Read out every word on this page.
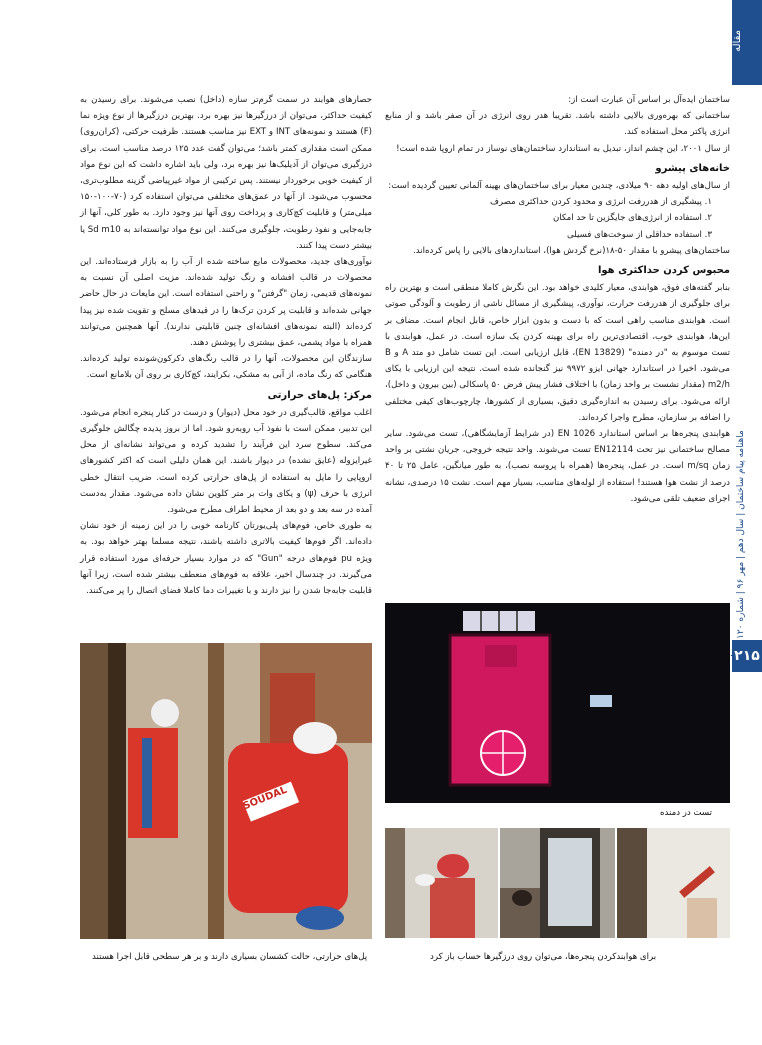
مقاله
ماهنامه پیام ساختمان | سال دهم | مهر ۹۶ | شماره ۱۲۰
۲۱۵

ساختمان ایده‌آل بر اساس آن عبارت است از:

ساختمانی که بهره‌وری بالایی داشته باشد. تقریبا هدر روی انرژی در آن صفر باشد و از منابع انرژی پاکتر محل استفاده کند.

از سال ۲۰۰۱، این چشم انداز، تبدیل به استاندارد ساختمان‌های نوساز در تمام اروپا شده است!

خانه‌های پیشرو

از سال‌های اولیه دهه ۹۰ میلادی، چندین معیار برای ساختمان‌های بهینه آلمانی تعیین گردیده است:

۱. پیشگیری از هدررفت انرژی و محدود کردن حداکثری مصرف

۲. استفاده از انرژی‌های جایگزین تا حد امکان

۳. استفاده حداقلی از سوخت‌های فسیلی

ساختمان‌های پیشرو با مقدار ۵۰-۱۸(نرخ گردش هوا)، استانداردهای بالایی را پاس کرده‌اند.

محبوس کردن حداکثری هوا

بنابر گفته‌های فوق، هوابندی، معیار کلیدی خواهد بود. این نگرش کاملا منطقی است و بهترین راه برای جلوگیری از هدررفت حرارت، نوآوری، پیشگیری از مسائل ناشی از رطوبت و آلودگی صوتی است. هوابندی مناسب راهی است که با دست و بدون ابزار خاص، قابل انجام است. مضاف بر این‌ها، هوابندی خوب، اقتصادی‌ترین راه برای بهینه کردن یک سازه است. در عمل، هوابندی با تست موسوم به "در دمنده" (EN 13829)، قابل ارزیابی است. این تست شامل دو متد A و B می‌شود. اخیرا در استاندارد جهانی ایزو ۹۹۷۲ نیز گنجانده شده است. نتیجه این ارزیابی با یکای m2/h (مقدار نشست بر واحد زمان) با اختلاف فشار پیش فرض ۵۰ پاسکالی (بین بیرون و داخل)، ارائه می‌شود. برای رسیدن به اندازه‌گیری دقیق، بسیاری از کشورها، چارچوب‌های کیفی مختلفی را اضافه بر سازمان، مطرح واجرا کرده‌اند.

هوابندی پنجره‌ها بر اساس استاندارد EN 1026 (در شرایط آزمایشگاهی)، تست می‌شود. سایر مصالح ساختمانی نیز تحت EN12114 تست می‌شوند. واحد نتیجه خروجی، جریان نشتی بر واحد زمان m/sq است. در عمل، پنجره‌ها (همراه با پروسه نصب)، به طور میانگین، عامل ۲۵ تا ۴۰ درصد از نشت هوا هستند! استفاده از لوله‌های مناسب، بسیار مهم است. نشت ۱۵ درصدی، نشانه اجرای ضعیف تلقی می‌شود.

حصارهای هوابند در سمت گرم‌تر سازه (داخل) نصب می‌شوند. برای رسیدن به کیفیت حداکثر، می‌توان از درزگیرها نیز بهره برد. بهترین درزگیرها از نوع ویژه نما (F) هستند و نمونه‌های INT و EXT نیز مناسب هستند. ظرفیت حرکتی، (کران‌روی) ممکن است مقداری کمتر باشد؛ می‌توان گفت عدد ۱۲۵ درصد مناسب است. برای درزگیری می‌توان از آدیلیک‌ها نیز بهره برد، ولی باید اشاره داشت که این نوع مواد از کیفیت خوبی برخوردار نیستند. پس ترکیبی از مواد غیرپیاضی گزینه مطلوب‌تری، محسوب می‌شود. از آنها در عمق‌های مختلفی می‌توان استفاده کرد (۷۰-۱۰۰-۱۵۰ میلی‌متر) و قابلیت کچ‌کاری و پرداخت روی آنها نیز وجود دارد. به طور کلی، آنها از جابه‌جایی و نفوذ رطوبت، جلوگیری می‌کنند. این نوع مواد توانسته‌اند به Sd m10 یا بیشتر دست پیدا کنند.

نوآوری‌های جدید، محصولات مایع ساخته شده از آب را به بازار فرستاده‌اند. این محصولات در قالب افشانه و رنگ تولید شده‌اند. مزیت اصلی آن نسبت به نمونه‌های قدیمی، زمان "گرفتن" و راحتی استفاده است. این مایعات در حال حاضر جهانی شده‌اند و قابلیت پر کردن ترک‌ها را در قیدهای مسلح و تقویت شده نیز پیدا کرده‌اند (البته نمونه‌های افشانه‌ای چنین قابلیتی ندارند). آنها همچنین می‌توانند همراه با مواد پشمی، عمق بیشتری را پوشش دهند.

سازندگان این محصولات، آنها را در قالب رنگ‌های دکرکون‌شونده تولید کرده‌اند. هنگامی که رنگ ماده، از آبی به مشکی، بکرایند، کچ‌کاری بر روی آن بلامانع است.

مرکز: پل‌های حرارتی

اغلب مواقع، قالب‌گیری در خود محل (دیوار) و درست در کنار پنجره انجام می‌شود. این تدبیر، ممکن است با نفوذ آب روبه‌رو شود. اما از بروز پدیده چگالش جلوگیری می‌کند. سطوح سرد این فرآیند را تشدید کرده و می‌تواند نشانه‌ای از محل غیرایزوله (عایق نشده) در دیوار باشند. این همان دلیلی است که اکثر کشورهای اروپایی را مایل به استفاده از پل‌های حرارتی کرده است. ضریب انتقال خطی انرژی با حرف (ψ) و یکای وات بر متر کلوین نشان داده می‌شود. مقدار به‌دست آمده در سه بعد و دو بعد از محیط اطراف مطرح می‌شود.

به طوری خاص، فوم‌های پلی‌یورتان کارنامه خوبی را در این زمینه از خود نشان داده‌اند. اگر فوم‌ها کیفیت بالاتری داشته باشند، نتیجه مسلما بهتر خواهد بود. به ویژه pu فوم‌های درجه "Gun" که در موارد بسیار حرفه‌ای مورد استفاده قرار می‌گیرند. در چندسال اخیر، علاقه به فوم‌های منعطف بیشتر شده است، زیرا آنها قابلیت جابه‌جا شدن را نیز دارند و با تغییرات دما کاملا فضای اتصال را پر می‌کنند.

تست در دمنده
برای هوابندکردن پنجره‌ها، می‌توان روی درزگیرها حساب باز کرد
SOUDAL
پل‌های حرارتی، حالت کشسان بسیاری دارند و بر هر سطحی قابل اجرا هستند
